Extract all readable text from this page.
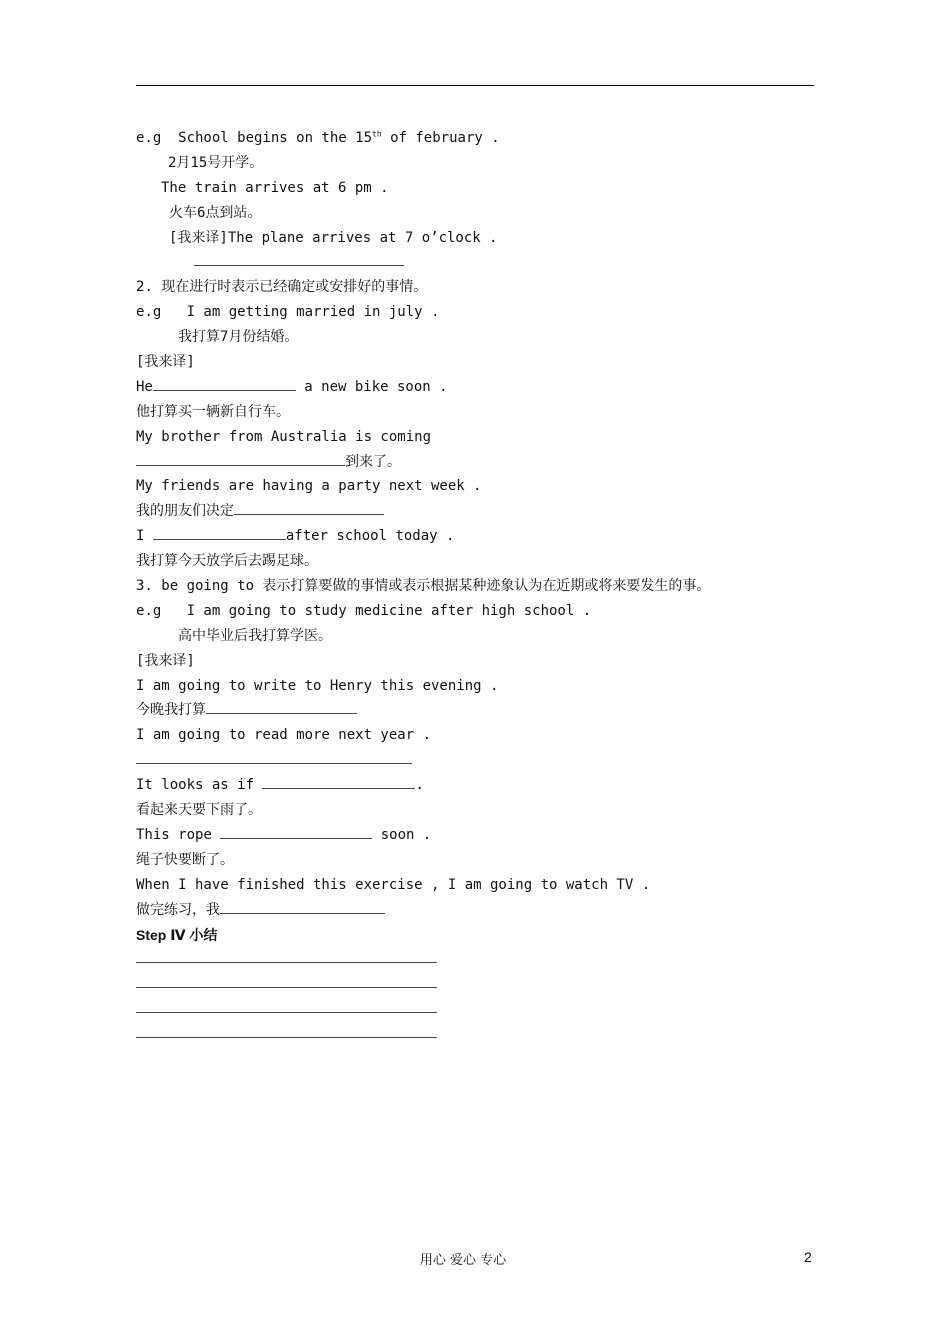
e.g  School begins on the 15th of february .
2月15号开学。
The train arrives at 6 pm .
火车6点到站。
[我来译]The plane arrives at 7 o’clock .
2. 现在进行时表示已经确定或安排好的事情。
e.g   I am getting married in july .
我打算7月份结婚。
[我来译]
He	a new bike soon .
他打算买一辆新自行车。
My brother from Australia is coming
到来了。
My friends are having a party next week .
我的朋友们决定
I	after school today .
我打算今天放学后去踢足球。
3. be going to 表示打算要做的事情或表示根据某种迹象认为在近期或将来要发生的事。
e.g   I am going to study medicine after high school .
高中毕业后我打算学医。
[我来译]
I am going to write to Henry this evening .
今晚我打算
I am going to read more next year .
It looks as if	.
看起来天要下雨了。
This rope	soon .
绳子快要断了。
When I have finished this exercise , I am going to watch TV .
做完练习，我
Step Ⅳ 小结
用心 爱心 专心	2
